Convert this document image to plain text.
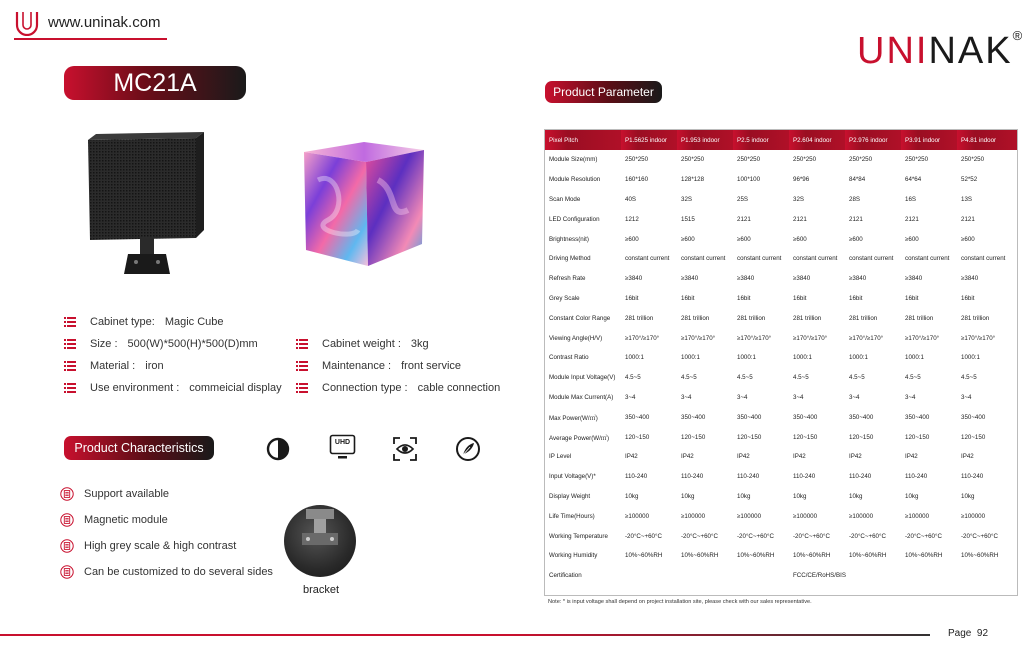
www.uninak.com
UNINAK®
MC21A 500x500
Cabinet type: Magic Cube
Size : 500(W)*500(H)*500(D)mm
Material : iron
Use environment : commeicial display
Cabinet weight : 3kg
Maintenance : front service
Connection type : cable connection
Product Characteristics	UHD
Support available
Magnetic module
High grey scale & high contrast
Can be customized to do several sides
bracket
Product Parameter
Pixel Pitch	P1.5625 indoor	P1.953 indoor	P2.5 indoor	P2.604 indoor	P2.976 indoor	P3.91 indoor	P4.81 indoor
Module Size(mm)	250*250	250*250	250*250	250*250	250*250	250*250	250*250
Module Resolution	160*160	128*128	100*100	96*96	84*84	64*64	52*52
Scan Mode	40S	32S	25S	32S	28S	16S	13S
LED Configuration	1212	1515	2121	2121	2121	2121	2121
Brightness(nit)	≥600	≥600	≥600	≥600	≥600	≥600	≥600
Driving Method	constant current	constant current	constant current	constant current	constant current	constant current	constant current
Refresh Rate	≥3840	≥3840	≥3840	≥3840	≥3840	≥3840	≥3840
Grey Scale	16bit	16bit	16bit	16bit	16bit	16bit	16bit
Constant Color Range	281 trillion	281 trillion	281 trillion	281 trillion	281 trillion	281 trillion	281 trillion
Viewing Angle(H/V)	≥170°/≥170°	≥170°/≥170°	≥170°/≥170°	≥170°/≥170°	≥170°/≥170°	≥170°/≥170°	≥170°/≥170°
Contrast Ratio	1000:1	1000:1	1000:1	1000:1	1000:1	1000:1	1000:1
Module Input Voltage(V)	4.5~5	4.5~5	4.5~5	4.5~5	4.5~5	4.5~5	4.5~5
Module Max Current(A)	3~4	3~4	3~4	3~4	3~4	3~4	3~4
Max Power(W/㎡)	350~400	350~400	350~400	350~400	350~400	350~400	350~400
Average Power(W/㎡)	120~150	120~150	120~150	120~150	120~150	120~150	120~150
IP Level	IP42	IP42	IP42	IP42	IP42	IP42	IP42
Input Voltage(V)*	110-240	110-240	110-240	110-240	110-240	110-240	110-240
Display Weight	10kg	10kg	10kg	10kg	10kg	10kg	10kg
Life Time(Hours)	≥100000	≥100000	≥100000	≥100000	≥100000	≥100000	≥100000
Working Temperature	-20°C~+60°C	-20°C~+60°C	-20°C~+60°C	-20°C~+60°C	-20°C~+60°C	-20°C~+60°C	-20°C~+60°C
Working Humidity	10%~60%RH	10%~60%RH	10%~60%RH	10%~60%RH	10%~60%RH	10%~60%RH	10%~60%RH
Certification				FCC/CE/RoHS/BIS			
Note: * is input voltage shall depend on project installation site, please check with our sales representative.
Page 92
